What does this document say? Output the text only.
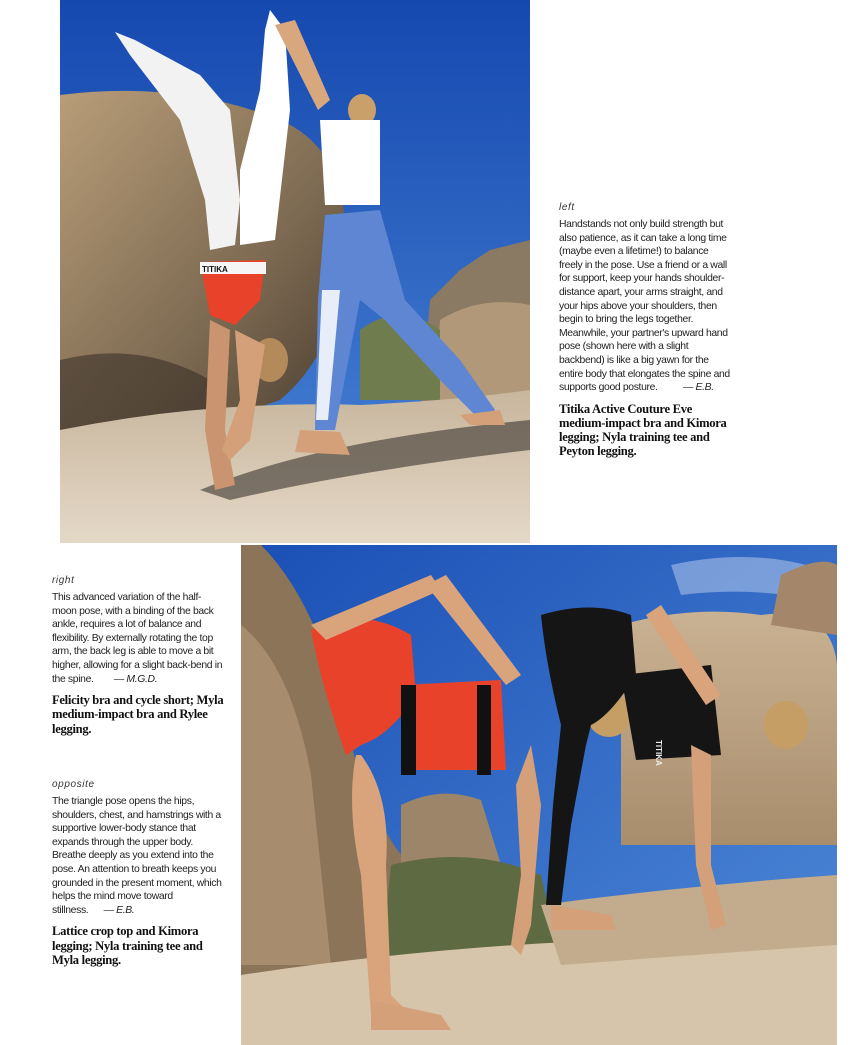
left

Handstands not only build strength but also patience, as it can take a long time (maybe even a lifetime!) to balance freely in the pose. Use a friend or a wall for support, keep your hands shoulder-distance apart, your arms straight, and your hips above your shoulders, then begin to bring the legs together. Meanwhile, your partner's upward hand pose (shown here with a slight backbend) is like a big yawn for the entire body that elongates the spine and supports good posture. — E.B.

Titika Active Couture Eve medium-impact bra and Kimora legging; Nyla training tee and Peyton legging.

right

This advanced variation of the half-moon pose, with a binding of the back ankle, requires a lot of balance and flexibility. By externally rotating the top arm, the back leg is able to move a bit higher, allowing for a slight back-bend in the spine. — M.G.D.

Felicity bra and cycle short; Myla medium-impact bra and Rylee legging.

opposite

The triangle pose opens the hips, shoulders, chest, and hamstrings with a supportive lower-body stance that expands through the upper body. Breathe deeply as you extend into the pose. An attention to breath keeps you grounded in the present moment, which helps the mind move toward stillness. — E.B.

Lattice crop top and Kimora legging; Nyla training tee and Myla legging.

TITIKA
TITIKA
